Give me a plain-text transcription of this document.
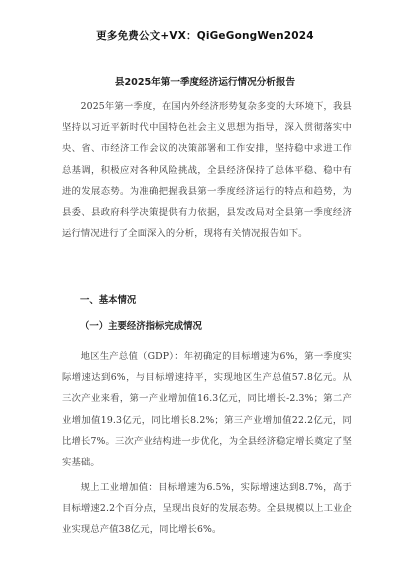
更多免费公文+VX：QiGeGongWen2024
县2025年第一季度经济运行情况分析报告
2025年第一季度，在国内外经济形势复杂多变的大环境下，我县坚持以习近平新时代中国特色社会主义思想为指导，深入贯彻落实中央、省、市经济工作会议的决策部署和工作安排，坚持稳中求进工作总基调，积极应对各种风险挑战，全县经济保持了总体平稳、稳中有进的发展态势。为准确把握我县第一季度经济运行的特点和趋势，为县委、县政府科学决策提供有力依据，县发改局对全县第一季度经济运行情况进行了全面深入的分析，现将有关情况报告如下。
一、基本情况
（一）主要经济指标完成情况
地区生产总值（GDP）：年初确定的目标增速为6%，第一季度实际增速达到6%，与目标增速持平，实现地区生产总值57.8亿元。从三次产业来看，第一产业增加值16.3亿元，同比增长-2.3%；第二产业增加值19.3亿元，同比增长8.2%；第三产业增加值22.2亿元，同比增长7%。三次产业结构进一步优化，为全县经济稳定增长奠定了坚实基础。
规上工业增加值：目标增速为6.5%，实际增速达到8.7%，高于目标增速2.2个百分点，呈现出良好的发展态势。全县规模以上工业企业实现总产值38亿元，同比增长6%。
